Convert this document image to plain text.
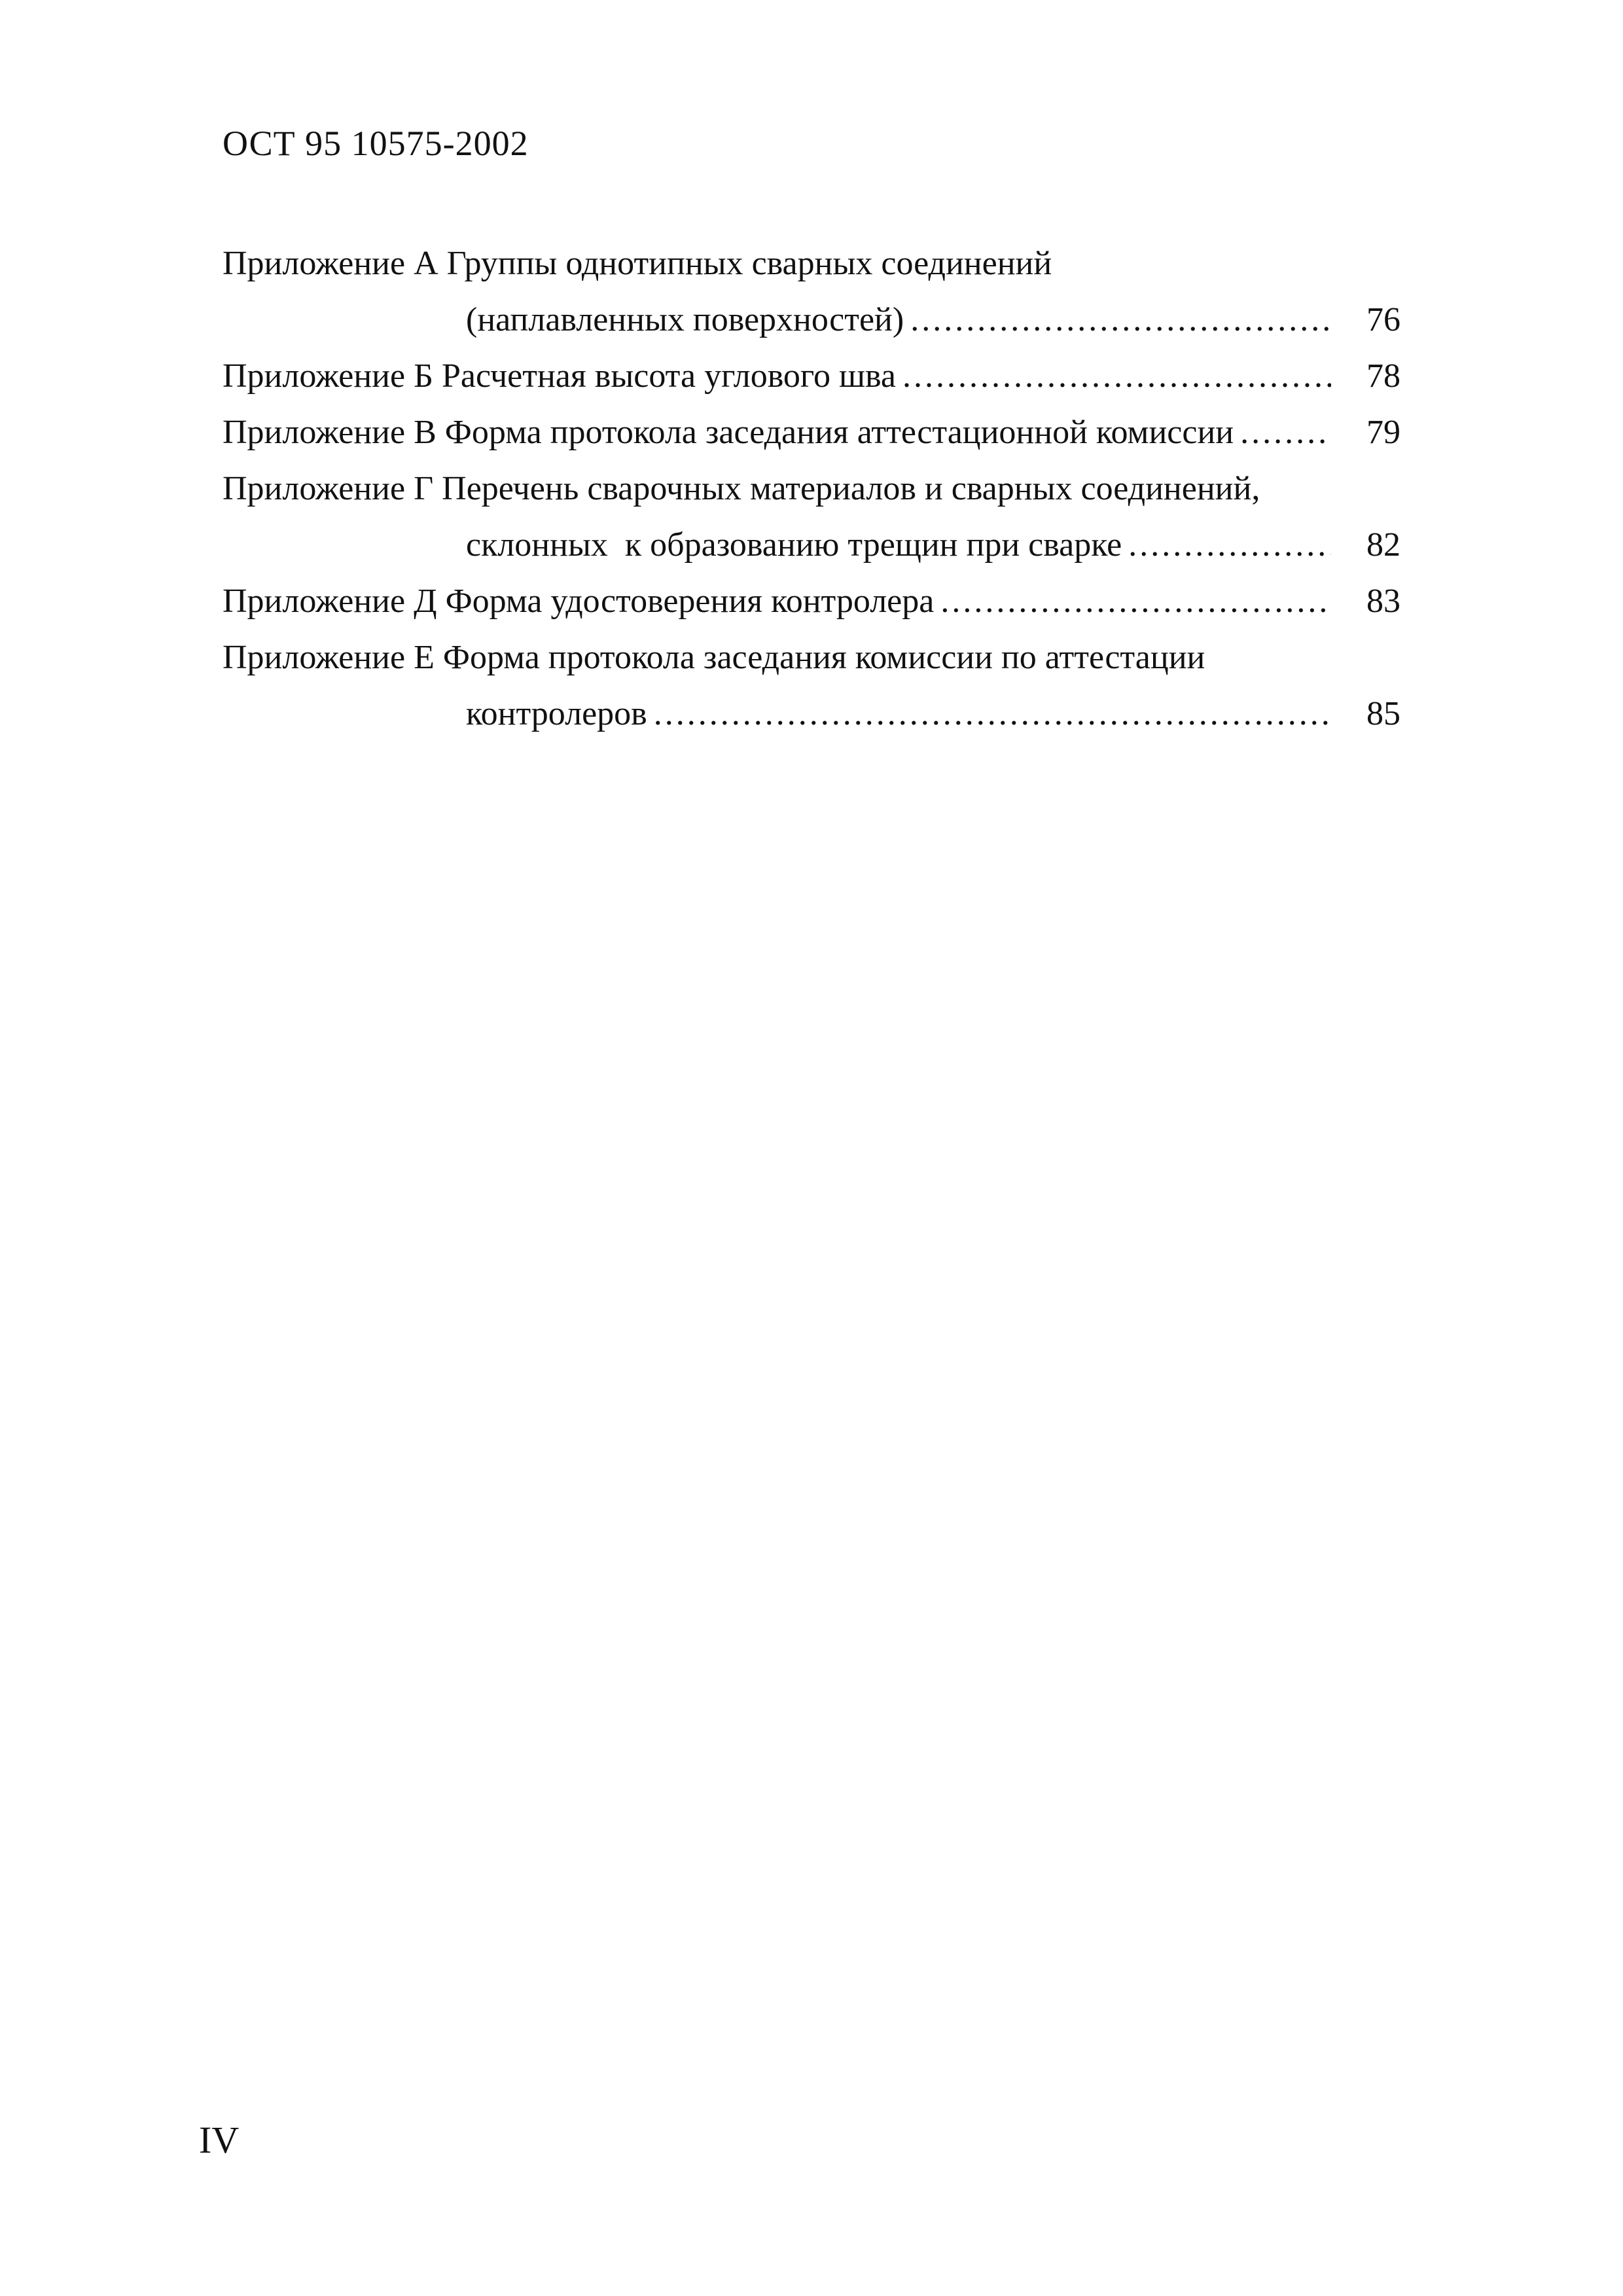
ОСТ 95 10575-2002
Приложение А Группы однотипных сварных соединений
(наплавленных поверхностей) .....	76
Приложение Б Расчетная высота углового шва .....	78
Приложение В Форма протокола заседания аттестационной комиссии .....	79
Приложение Г Перечень сварочных материалов и сварных соединений,
склонных  к образованию трещин при сварке .....	82
Приложение Д Форма удостоверения контролера .....	83
Приложение Е Форма протокола заседания комиссии по аттестации
контролеров .....	85
IV
